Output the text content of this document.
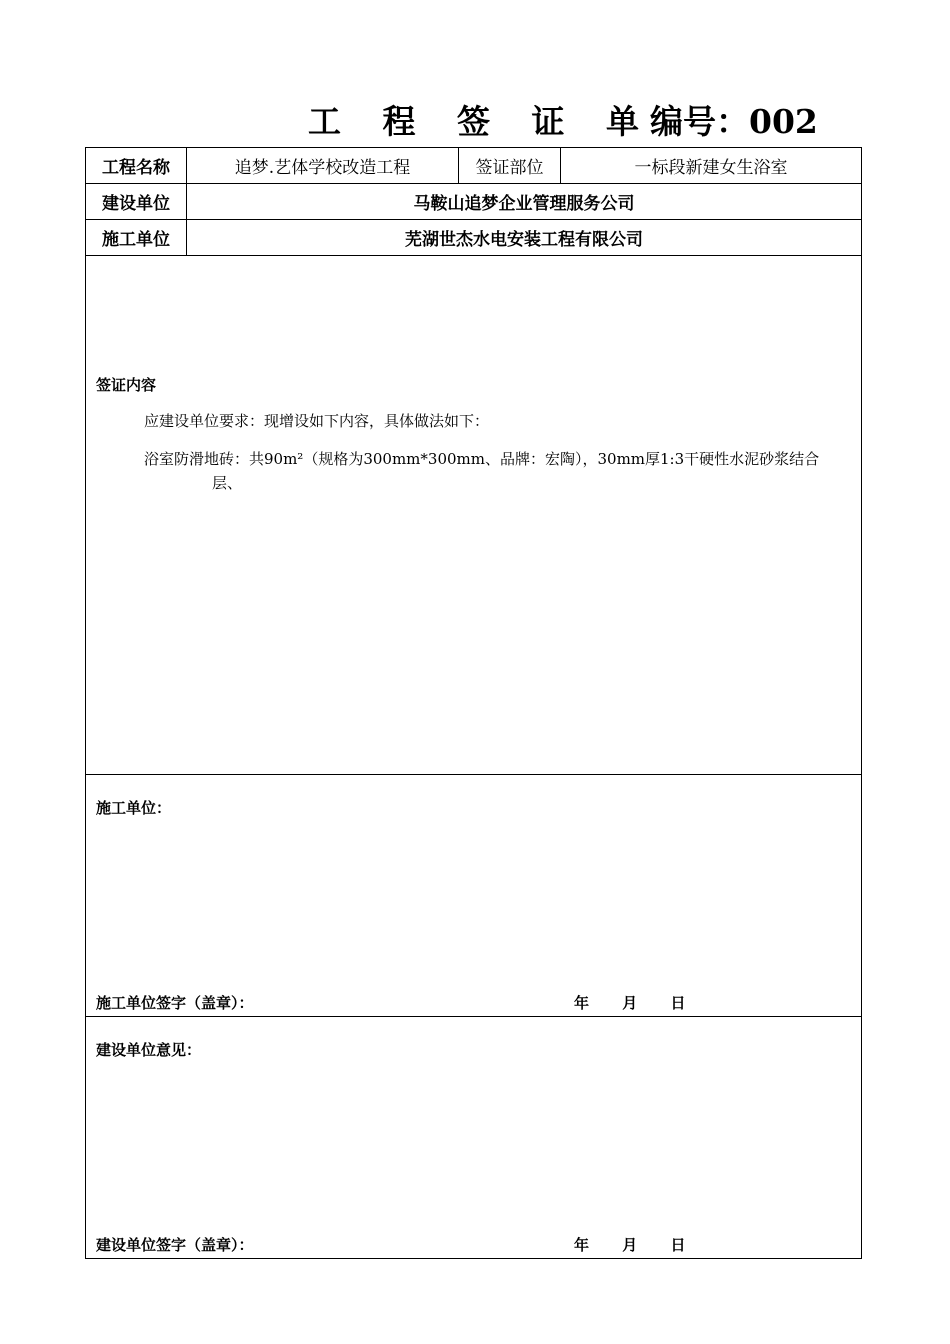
工 程 签 证 单
编号：002
工程名称	追梦.艺体学校改造工程	签证部位	一标段新建女生浴室
建设单位	马鞍山追梦企业管理服务公司		
施工单位	芜湖世杰水电安装工程有限公司		

签证内容
应建设单位要求：现增设如下内容，具体做法如下：
浴室防滑地砖：共90m²（规格为300mm*300mm、品牌：宏陶），30mm厚1:3干硬性水泥砂浆结合
层、			

施工单位：
施工单位签字（盖章）： 年 月 日			

建设单位意见：
建设单位签字（盖章）： 年 月 日			
